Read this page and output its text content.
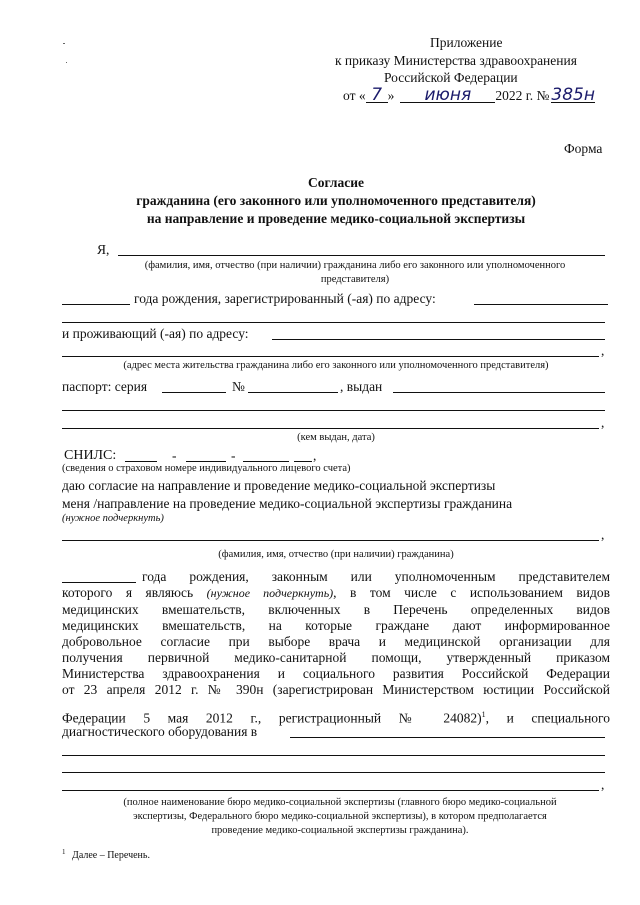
Приложение
к приказу Министерства здравоохранения
Российской Федерации
от « 7 » июня 2022 г. № 385н
Форма
Согласие
гражданина (его законного или уполномоченного представителя)
на направление и проведение медико-социальной экспертизы
Я,
(фамилия, имя, отчество (при наличии) гражданина либо его законного или уполномоченного
представителя)
года рождения, зарегистрированный (-ая) по адресу:
и проживающий (-ая) по адресу:
,
(адрес места жительства гражданина либо его законного или уполномоченного представителя)
паспорт: серия	№	, выдан
,
(кем выдан, дата)
СНИЛС:	-	-	,
(сведения о страховом номере индивидуального лицевого счета)
даю согласие на направление и проведение медико-социальной экспертизы
меня /направление на проведение медико-социальной экспертизы гражданина
(нужное подчеркнуть)
,
(фамилия, имя, отчество (при наличии) гражданина)
года рождения, законным или уполномоченным представителем
которого я являюсь (нужное подчеркнуть), в том числе с использованием видов
медицинских вмешательств, включенных в Перечень определенных видов
медицинских вмешательств, на которые граждане дают информированное
добровольное согласие при выборе врача и медицинской организации для
получения первичной медико-санитарной помощи, утвержденный приказом
Министерства здравоохранения и социального развития Российской Федерации
от 23 апреля 2012 г. № 390н (зарегистрирован Министерством юстиции Российской
Федерации 5 мая 2012 г., регистрационный № 24082)$^1$, и специального
диагностического оборудования в
,
(полное наименование бюро медико-социальной экспертизы (главного бюро медико-социальной
экспертизы, Федерального бюро медико-социальной экспертизы), в котором предполагается
проведение медико-социальной экспертизы гражданина).
$^1$ Далее – Перечень.
